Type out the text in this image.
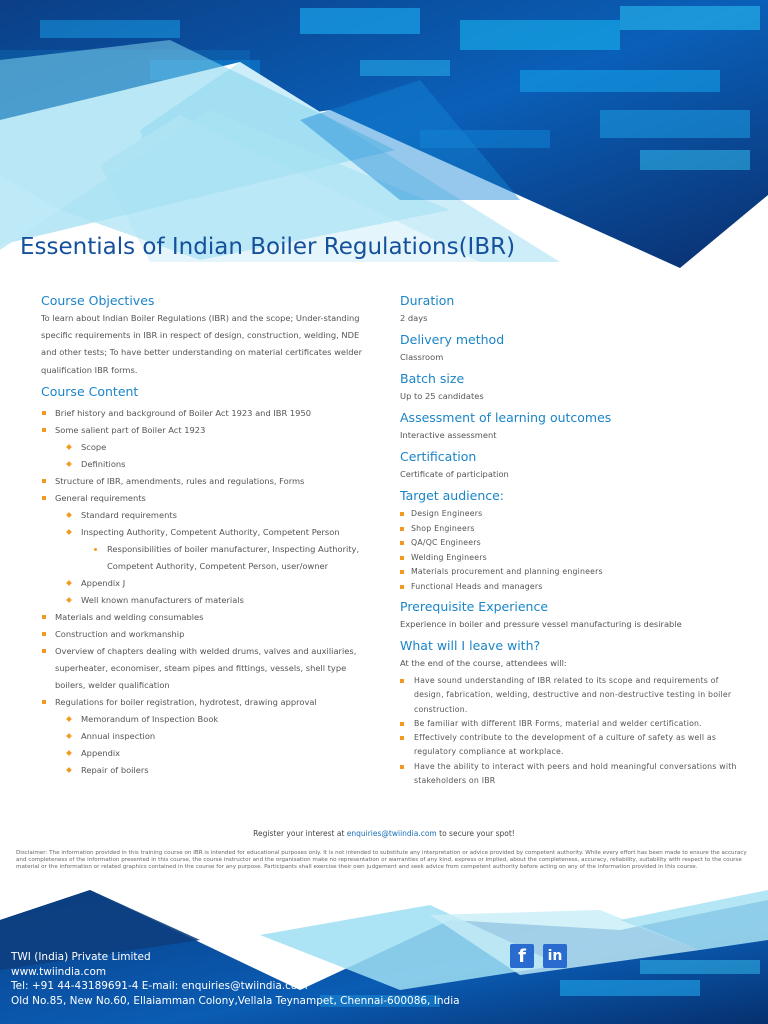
Essentials of Indian Boiler Regulations(IBR)
Course Objectives

To learn about Indian Boiler Regulations (IBR) and the scope; Under-standing specific requirements in IBR in respect of design, construction, welding, NDE and other tests; To have better understanding on material certificates welder qualification IBR forms.

Course Content
Brief history and background of Boiler Act 1923 and IBR 1950
Some salient part of Boiler Act 1923
Scope
Definitions
Structure of IBR, amendments, rules and regulations, Forms
General requirements
Standard requirements
Inspecting Authority, Competent Authority, Competent Person
Responsibilities of boiler manufacturer, Inspecting Authority, Competent Authority, Competent Person, user/owner
Appendix J
Well known manufacturers of materials
Materials and welding consumables
Construction and workmanship
Overview of chapters dealing with welded drums, valves and auxiliaries, superheater, economiser, steam pipes and fittings, vessels, shell type boilers, welder qualification
Regulations for boiler registration, hydrotest, drawing approval
Memorandum of Inspection Book
Annual inspection
Appendix
Repair of boilers
Duration

2 days

Delivery method

Classroom

Batch size

Up to 25 candidates

Assessment of learning outcomes

Interactive assessment

Certification

Certificate of participation

Target audience:
Design Engineers
Shop Engineers
QA/QC Engineers
Welding Engineers
Materials procurement and planning engineers
Functional Heads and managers
Prerequisite Experience

Experience in boiler and pressure vessel manufacturing is desirable

What will I leave with?

At the end of the course, attendees will:

Have sound understanding of IBR related to its scope and requirements of design, fabrication, welding, destructive and non-destructive testing in boiler construction.
Be familiar with different IBR Forms, material and welder certification.
Effectively contribute to the development of a culture of safety as well as regulatory compliance at workplace.
Have the ability to interact with peers and hold meaningful conversations with stakeholders on IBR
Register your interest at enquiries@twiindia.com to secure your spot!

Disclaimer: The information provided in this training course on IBR is intended for educational purposes only. It is not intended to substitute any interpretation or advice provided by competent authority. While every effort has been made to ensure the accuracy and completeness of the information presented in this course, the course instructor and the organisation make no representation or warranties of any kind, express or implied, about the completeness, accuracy, reliability, suitability with respect to the course material or the information or related graphics contained in the course for any purpose. Participants shall exercise their own judgement and seek advice from competent authority before acting on any of the information provided in this course.

TWI (India) Private Limited
www.twiindia.com
Tel: +91 44-43189691-4 E-mail: enquiries@twiindia.com
Old No.85, New No.60, Ellaiamman Colony,Vellala Teynampet, Chennai-600086, India
f	in
